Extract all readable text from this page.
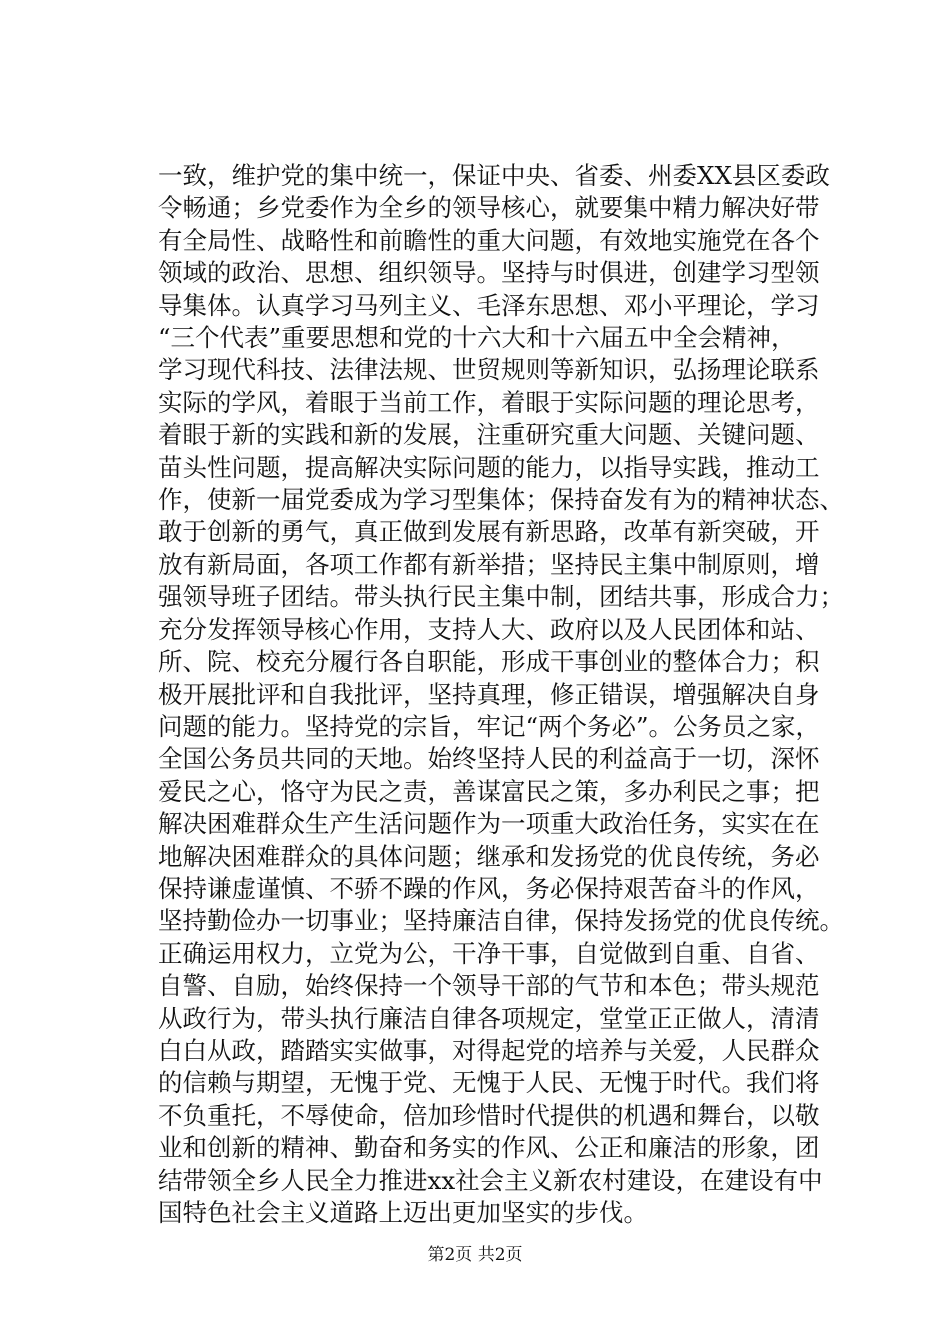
一致，维护党的集中统一，保证中央、省委、州委XX县区委政
令畅通；乡党委作为全乡的领导核心，就要集中精力解决好带
有全局性、战略性和前瞻性的重大问题，有效地实施党在各个
领域的政治、思想、组织领导。坚持与时俱进，创建学习型领
导集体。认真学习马列主义、毛泽东思想、邓小平理论，学习
“三个代表”重要思想和党的十六大和十六届五中全会精神，
学习现代科技、法律法规、世贸规则等新知识，弘扬理论联系
实际的学风，着眼于当前工作，着眼于实际问题的理论思考，
着眼于新的实践和新的发展，注重研究重大问题、关键问题、
苗头性问题，提高解决实际问题的能力，以指导实践，推动工
作，使新一届党委成为学习型集体；保持奋发有为的精神状态、
敢于创新的勇气，真正做到发展有新思路，改革有新突破，开
放有新局面，各项工作都有新举措；坚持民主集中制原则，增
强领导班子团结。带头执行民主集中制，团结共事，形成合力；
充分发挥领导核心作用，支持人大、政府以及人民团体和站、
所、院、校充分履行各自职能，形成干事创业的整体合力；积
极开展批评和自我批评，坚持真理，修正错误，增强解决自身
问题的能力。坚持党的宗旨，牢记“两个务必”。公务员之家，
全国公务员共同的天地。始终坚持人民的利益高于一切，深怀
爱民之心，恪守为民之责，善谋富民之策，多办利民之事；把
解决困难群众生产生活问题作为一项重大政治任务，实实在在
地解决困难群众的具体问题；继承和发扬党的优良传统，务必
保持谦虚谨慎、不骄不躁的作风，务必保持艰苦奋斗的作风，
坚持勤俭办一切事业；坚持廉洁自律，保持发扬党的优良传统。
正确运用权力，立党为公，干净干事，自觉做到自重、自省、
自警、自励，始终保持一个领导干部的气节和本色；带头规范
从政行为，带头执行廉洁自律各项规定，堂堂正正做人，清清
白白从政，踏踏实实做事，对得起党的培养与关爱，人民群众
的信赖与期望，无愧于党、无愧于人民、无愧于时代。我们将
不负重托，不辱使命，倍加珍惜时代提供的机遇和舞台，以敬
业和创新的精神、勤奋和务实的作风、公正和廉洁的形象，团
结带领全乡人民全力推进xx社会主义新农村建设，在建设有中
国特色社会主义道路上迈出更加坚实的步伐。
第2页 共2页
